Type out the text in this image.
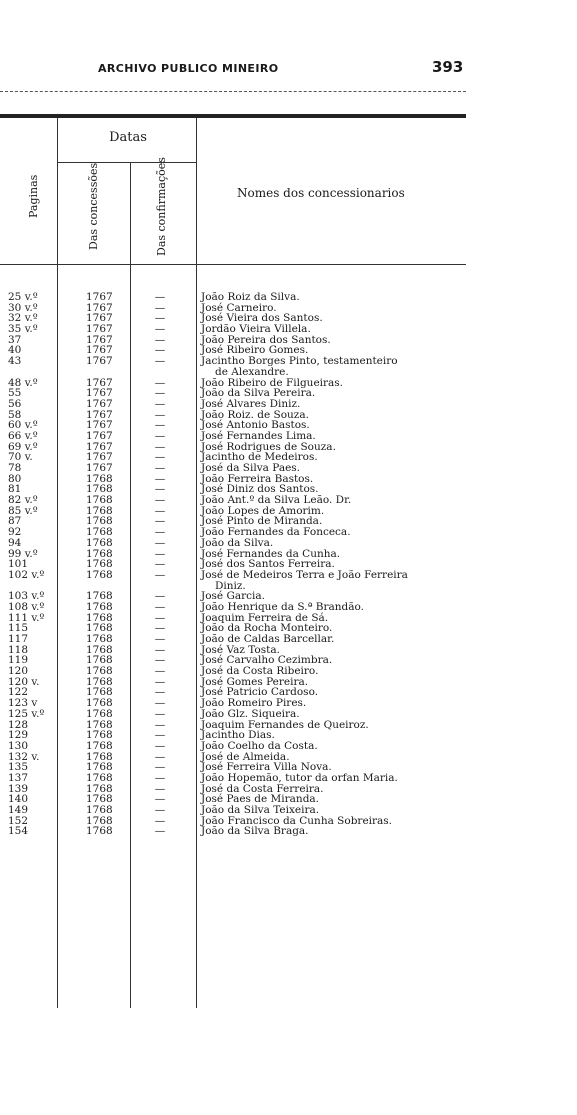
ARCHIVO PUBLICO MINEIRO	393
Datas
Paginas	Das concessões	Das confirmações	Nomes dos concessionarios
25 v.º	1767	—	João Roiz da Silva.
30 v.º	1767	—	José Carneiro.
32 v.º	1767	—	José Vieira dos Santos.
35 v.º	1767	—	Jordão Vieira Villela.
37	1767	—	João Pereira dos Santos.
40	1767	—	José Ribeiro Gomes.
43	1767	—	Jacintho Borges Pinto, testamenteiro
de Alexandre.
48 v.º	1767	—	João Ribeiro de Filgueiras.
55	1767	—	João da Silva Pereira.
56	1767	—	José Alvares Diniz.
58	1767	—	João Roiz. de Souza.
60 v.º	1767	—	José Antonio Bastos.
66 v.º	1767	—	José Fernandes Lima.
69 v.º	1767	—	José Rodrigues de Souza.
70 v.	1767	—	Jacintho de Medeiros.
78	1767	—	José da Silva Paes.
80	1768	—	João Ferreira Bastos.
81	1768	—	José Diniz dos Santos.
82 v.º	1768	—	João Ant.º da Silva Leão. Dr.
85 v.º	1768	—	João Lopes de Amorim.
87	1768	—	José Pinto de Miranda.
92	1768	—	João Fernandes da Fonceca.
94	1768	—	João da Silva.
99 v.º	1768	—	José Fernandes da Cunha.
101	1768	—	José dos Santos Ferreira.
102 v.º	1768	—	José de Medeiros Terra e João Ferreira
Diniz.
103 v.º	1768	—	José Garcia.
108 v.º	1768	—	João Henrique da S.ª Brandão.
111 v.º	1768	—	Joaquim Ferreira de Sá.
115	1768	—	João da Rocha Monteiro.
117	1768	—	João de Caldas Barcellar.
118	1768	—	José Vaz Tosta.
119	1768	—	José Carvalho Cezimbra.
120	1768	—	José da Costa Ribeiro.
120 v.	1768	—	José Gomes Pereira.
122	1768	—	José Patricio Cardoso.
123 v	1768	—	João Romeiro Pires.
125 v.º	1768	—	João Glz. Siqueira.
128	1768	—	Joaquim Fernandes de Queiroz.
129	1768	—	Jacintho Dias.
130	1768	—	João Coelho da Costa.
132 v.	1768	—	José de Almeida.
135	1768	—	José Ferreira Villa Nova.
137	1768	—	João Hopemão, tutor da orfan Maria.
139	1768	—	José da Costa Ferreira.
140	1768	—	José Paes de Miranda.
149	1768	—	João da Silva Teixeira.
152	1768	—	João Francisco da Cunha Sobreiras.
154	1768	—	João da Silva Braga.
